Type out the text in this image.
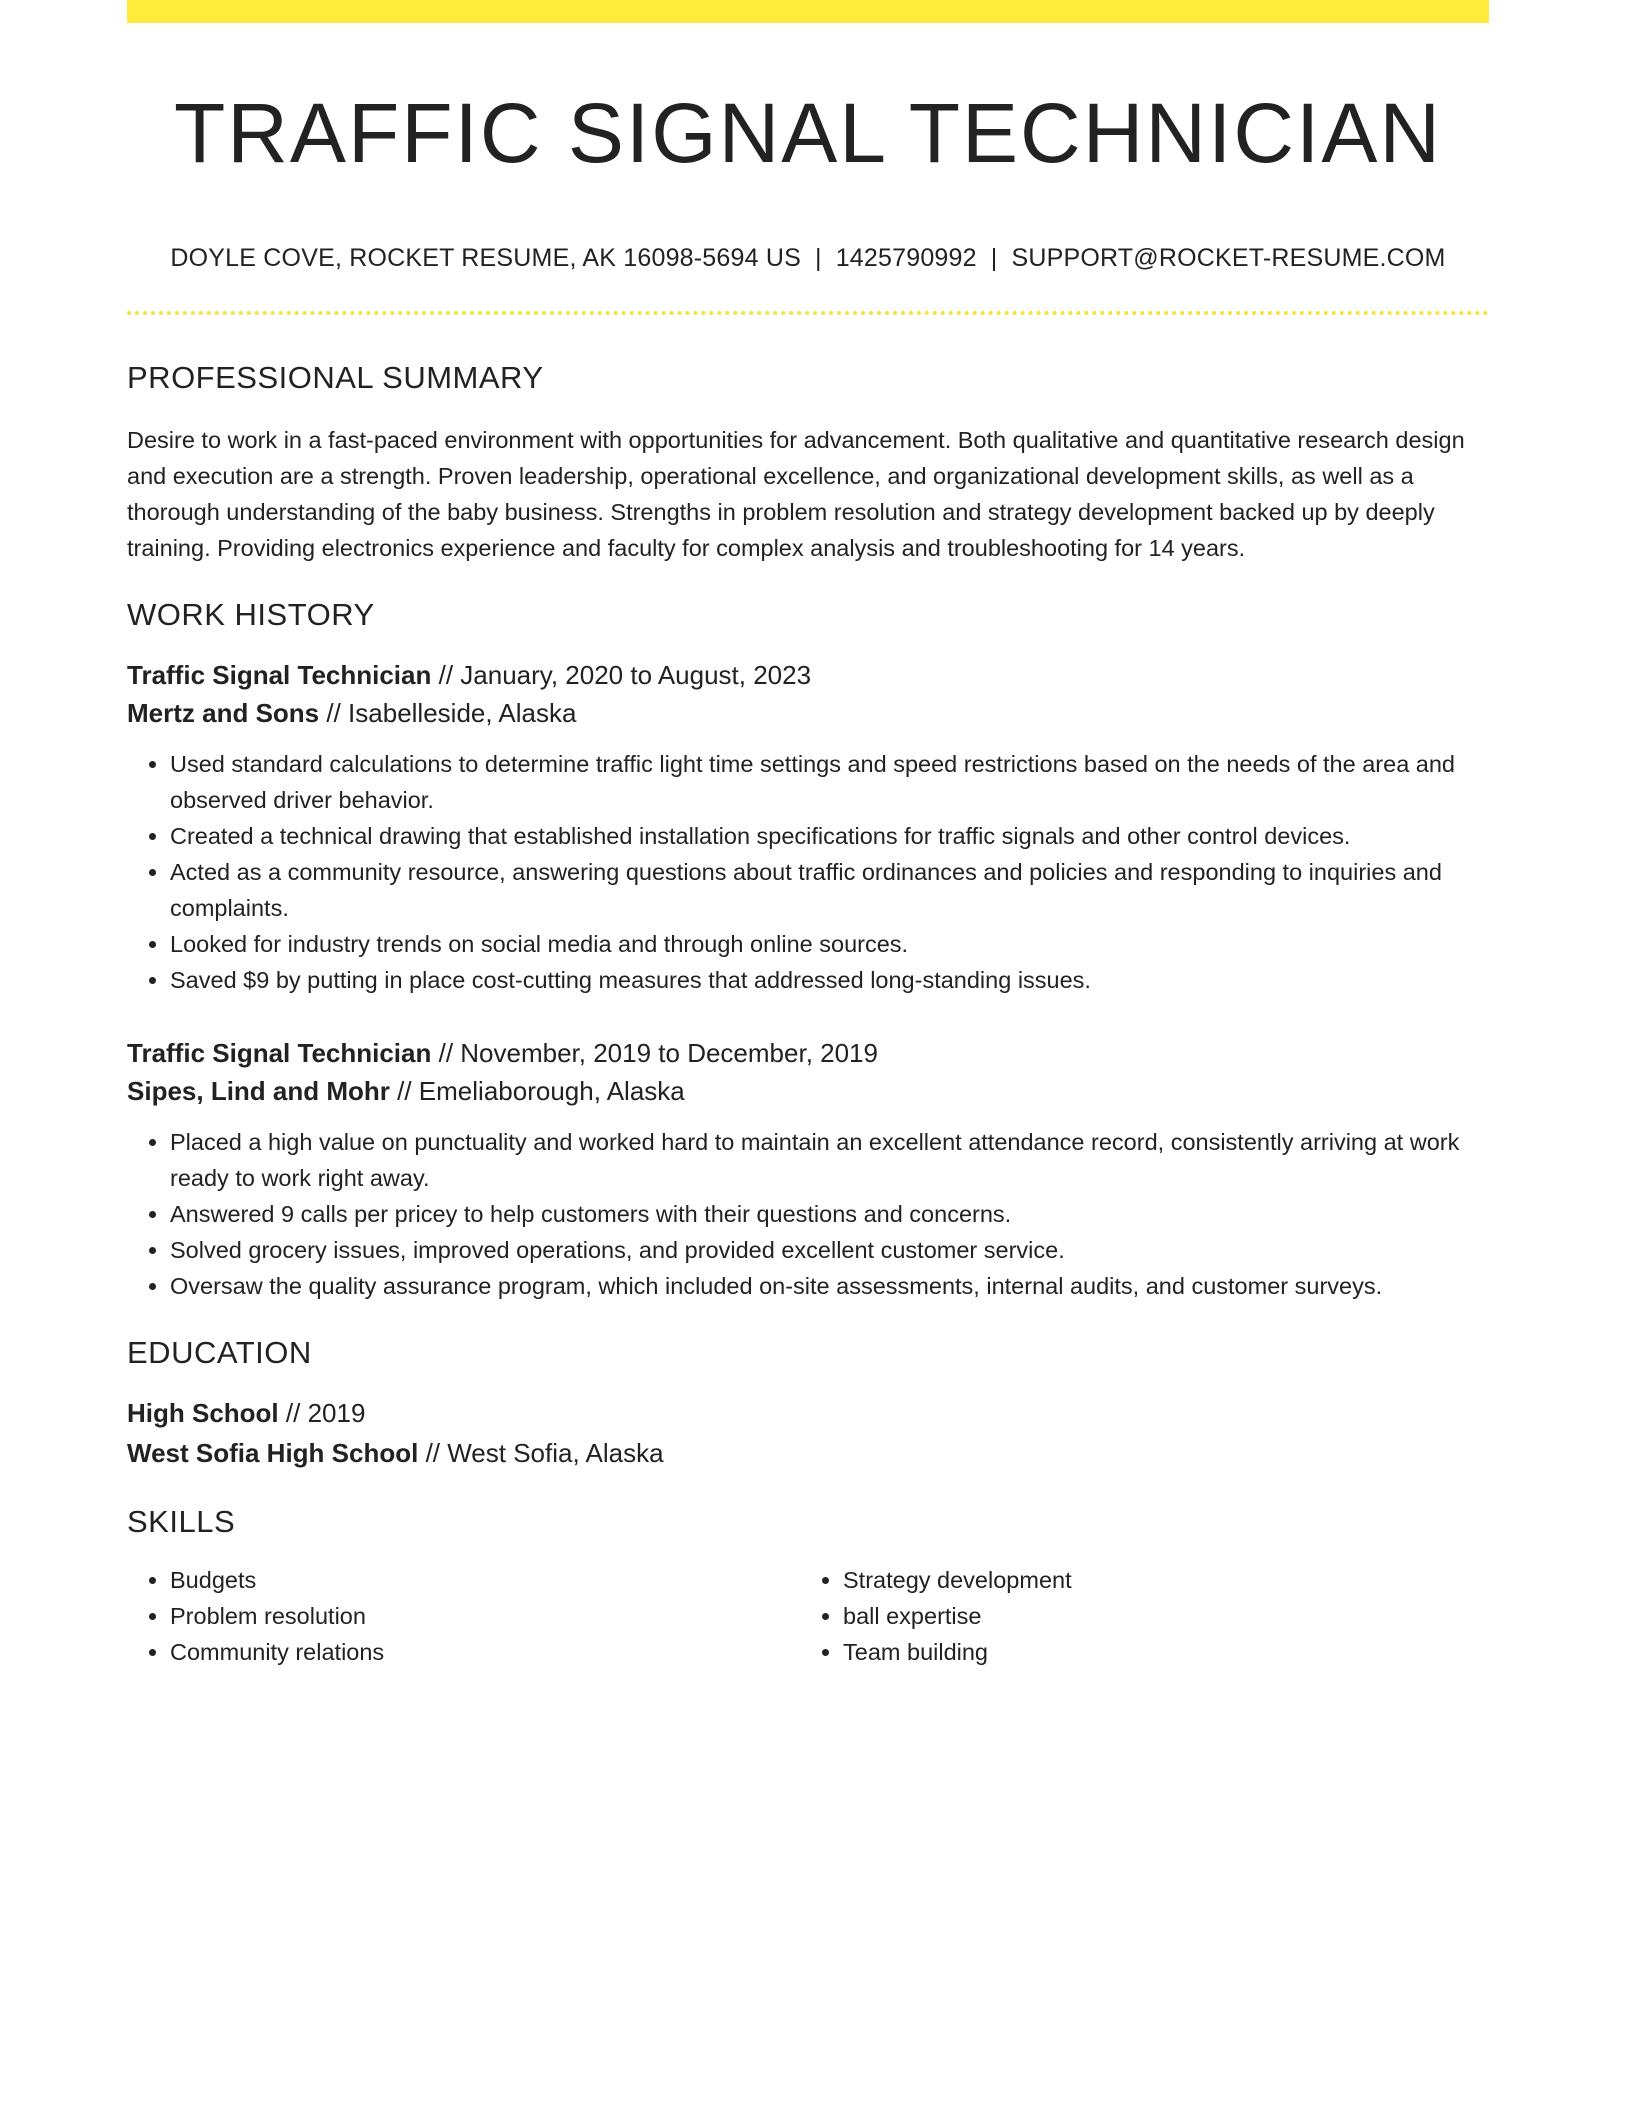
TRAFFIC SIGNAL TECHNICIAN
DOYLE COVE, ROCKET RESUME, AK 16098-5694 US | 1425790992 | SUPPORT@ROCKET-RESUME.COM
PROFESSIONAL SUMMARY

Desire to work in a fast-paced environment with opportunities for advancement. Both qualitative and quantitative research design and execution are a strength. Proven leadership, operational excellence, and organizational development skills, as well as a thorough understanding of the baby business. Strengths in problem resolution and strategy development backed up by deeply training. Providing electronics experience and faculty for complex analysis and troubleshooting for 14 years.

WORK HISTORY
Traffic Signal Technician // January, 2020 to August, 2023
Mertz and Sons // Isabelleside, Alaska
• Used standard calculations to determine traffic light time settings and speed restrictions based on the needs of the area and observed driver behavior.
• Created a technical drawing that established installation specifications for traffic signals and other control devices.
• Acted as a community resource, answering questions about traffic ordinances and policies and responding to inquiries and complaints.
• Looked for industry trends on social media and through online sources.
• Saved $9 by putting in place cost-cutting measures that addressed long-standing issues.
Traffic Signal Technician // November, 2019 to December, 2019
Sipes, Lind and Mohr // Emeliaborough, Alaska
• Placed a high value on punctuality and worked hard to maintain an excellent attendance record, consistently arriving at work ready to work right away.
• Answered 9 calls per pricey to help customers with their questions and concerns.
• Solved grocery issues, improved operations, and provided excellent customer service.
• Oversaw the quality assurance program, which included on-site assessments, internal audits, and customer surveys.
EDUCATION
High School // 2019
West Sofia High School // West Sofia, Alaska
SKILLS
• Budgets
• Problem resolution
• Community relations
• Strategy development
• ball expertise
• Team building
